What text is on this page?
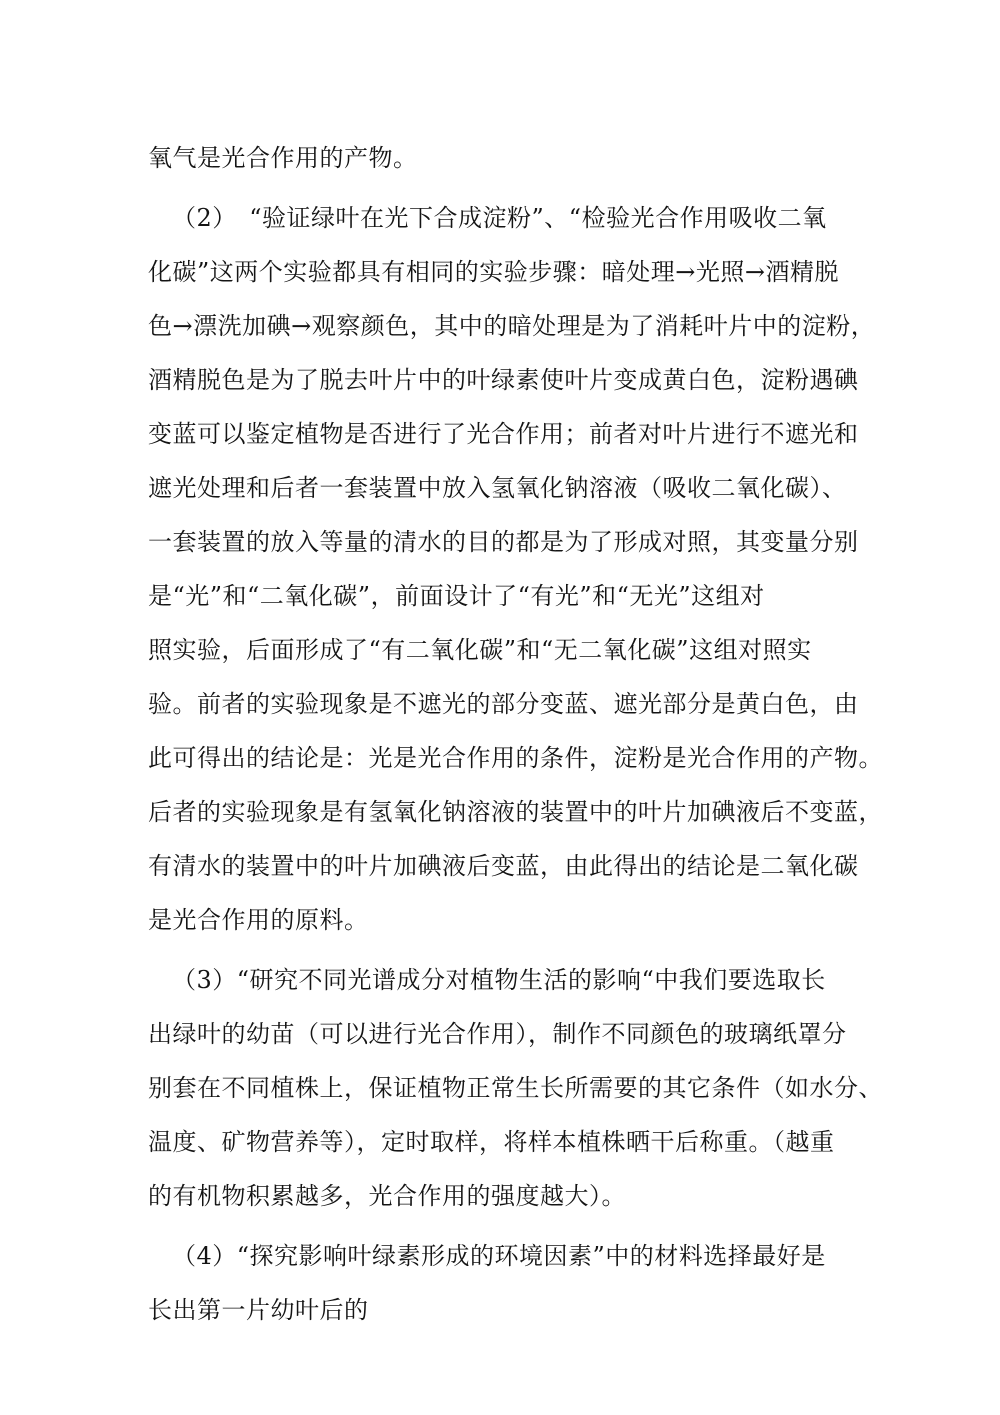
氧气是光合作用的产物。
（2）　“验证绿叶在光下合成淀粉”、“检验光合作用吸收二氧
化碳”这两个实验都具有相同的实验步骤：暗处理→光照→酒精脱
色→漂洗加碘→观察颜色，其中的暗处理是为了消耗叶片中的淀粉，
酒精脱色是为了脱去叶片中的叶绿素使叶片变成黄白色，淀粉遇碘
变蓝可以鉴定植物是否进行了光合作用；前者对叶片进行不遮光和
遮光处理和后者一套装置中放入氢氧化钠溶液（吸收二氧化碳）、
一套装置的放入等量的清水的目的都是为了形成对照，其变量分别
是“光”和“二氧化碳”，前面设计了“有光”和“无光”这组对
照实验，后面形成了“有二氧化碳”和“无二氧化碳”这组对照实
验。前者的实验现象是不遮光的部分变蓝、遮光部分是黄白色，由
此可得出的结论是：光是光合作用的条件，淀粉是光合作用的产物。
后者的实验现象是有氢氧化钠溶液的装置中的叶片加碘液后不变蓝，
有清水的装置中的叶片加碘液后变蓝，由此得出的结论是二氧化碳
是光合作用的原料。
（3）“研究不同光谱成分对植物生活的影响“中我们要选取长
出绿叶的幼苗（可以进行光合作用），制作不同颜色的玻璃纸罩分
别套在不同植株上，保证植物正常生长所需要的其它条件（如水分、
温度、矿物营养等），定时取样，将样本植株晒干后称重。（越重
的有机物积累越多，光合作用的强度越大）。
（4）“探究影响叶绿素形成的环境因素”中的材料选择最好是
长出第一片幼叶后的
